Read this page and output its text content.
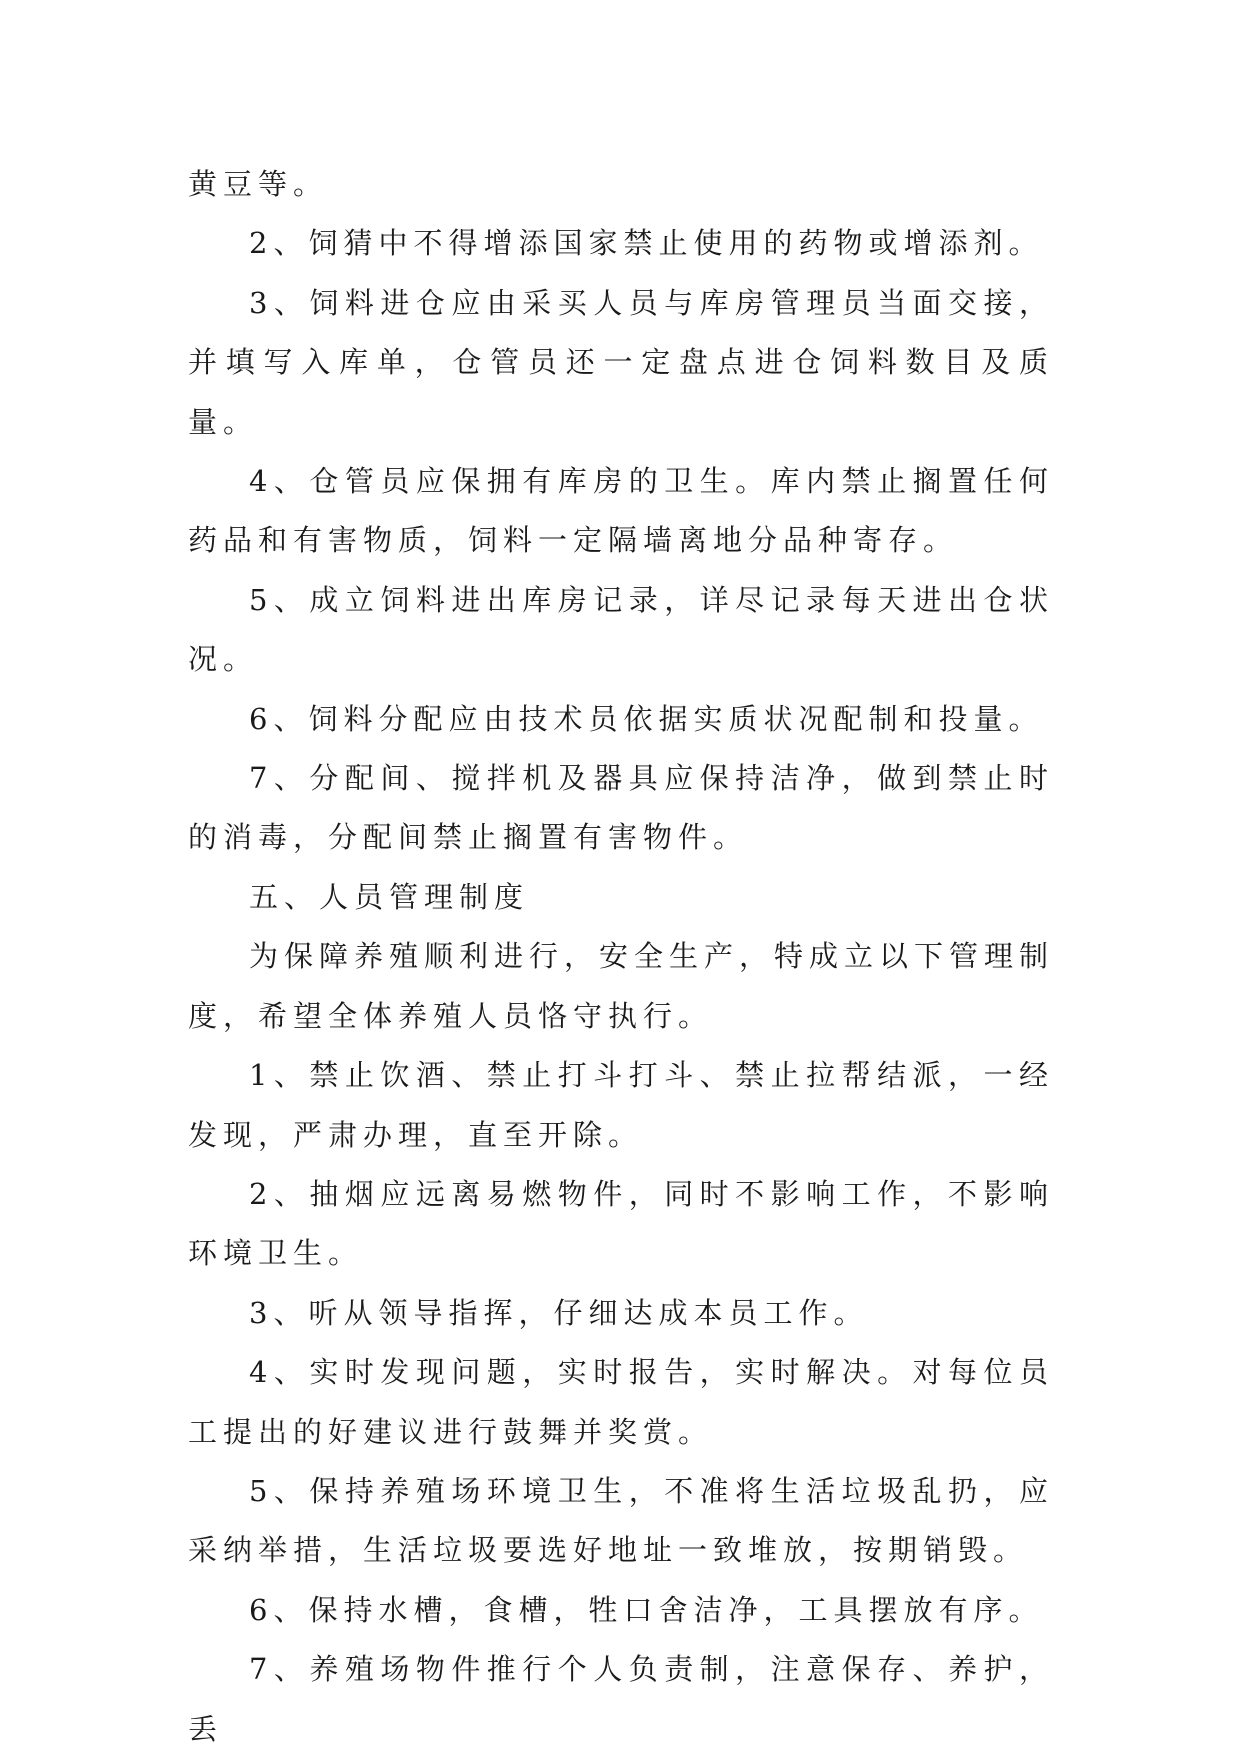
黄豆等。

2、饲猜中不得增添国家禁止使用的药物或增添剂。

3、饲料进仓应由采买人员与库房管理员当面交接，并填写入库单，仓管员还一定盘点进仓饲料数目及质量。

4、仓管员应保拥有库房的卫生。库内禁止搁置任何药品和有害物质，饲料一定隔墙离地分品种寄存。

5、成立饲料进出库房记录，详尽记录每天进出仓状况。

6、饲料分配应由技术员依据实质状况配制和投量。

7、分配间、搅拌机及器具应保持洁净，做到禁止时的消毒，分配间禁止搁置有害物件。

五、人员管理制度

为保障养殖顺利进行，安全生产，特成立以下管理制度，希望全体养殖人员恪守执行。

1、禁止饮酒、禁止打斗打斗、禁止拉帮结派，一经发现，严肃办理，直至开除。

2、抽烟应远离易燃物件，同时不影响工作，不影响环境卫生。

3、听从领导指挥，仔细达成本员工作。

4、实时发现问题，实时报告，实时解决。对每位员工提出的好建议进行鼓舞并奖赏。

5、保持养殖场环境卫生，不准将生活垃圾乱扔，应采纳举措，生活垃圾要选好地址一致堆放，按期销毁。

6、保持水槽，食槽，牲口舍洁净，工具摆放有序。

7、养殖场物件推行个人负责制，注意保存、养护，丢
